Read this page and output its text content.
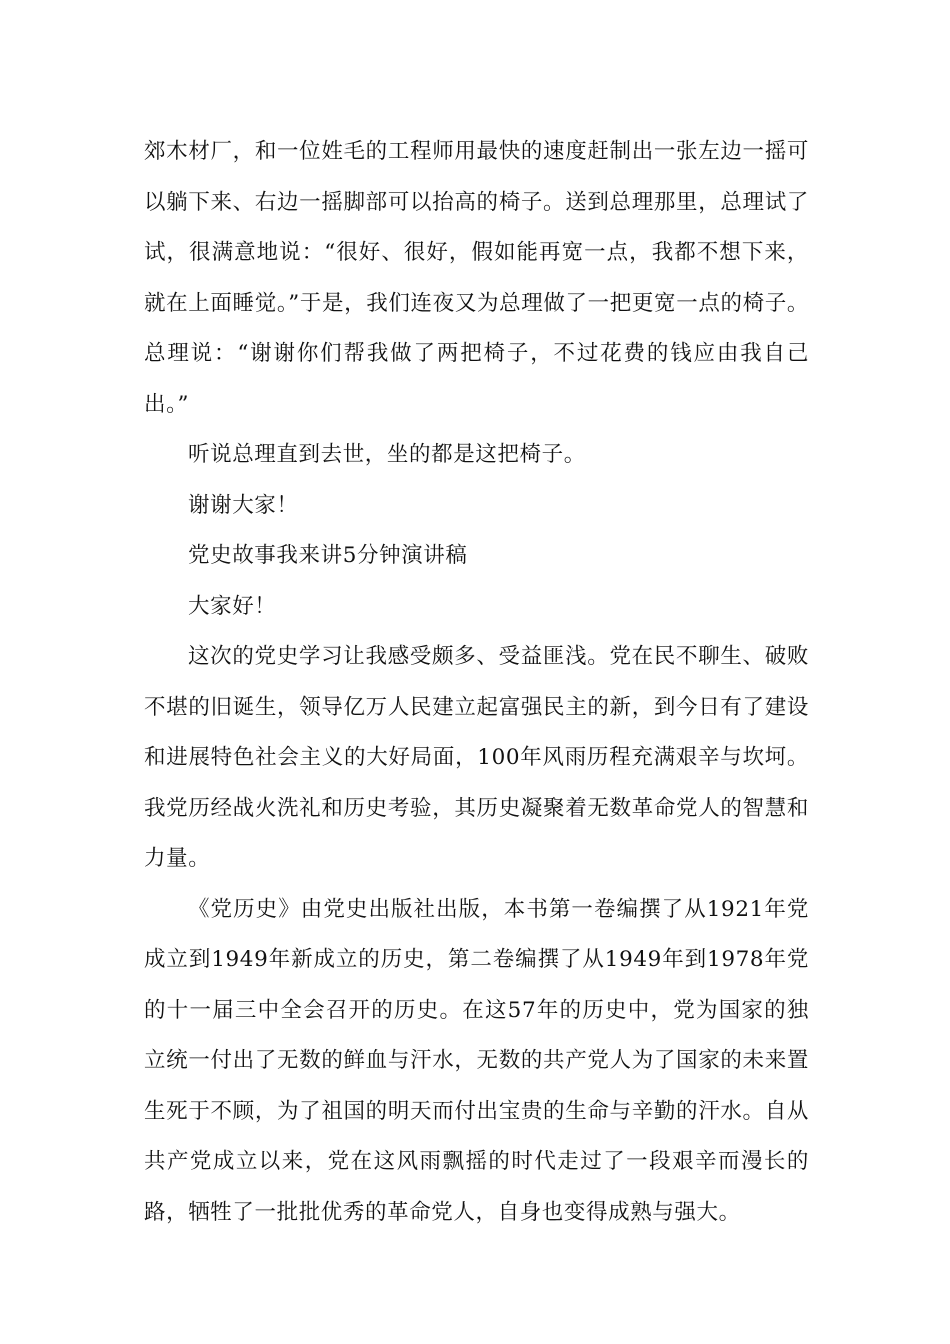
郊木材厂，和一位姓毛的工程师用最快的速度赶制出一张左边一摇可以躺下来、右边一摇脚部可以抬高的椅子。送到总理那里，总理试了试，很满意地说：“很好、很好，假如能再宽一点，我都不想下来，就在上面睡觉。”于是，我们连夜又为总理做了一把更宽一点的椅子。总理说：“谢谢你们帮我做了两把椅子，不过花费的钱应由我自己出。”

听说总理直到去世，坐的都是这把椅子。

谢谢大家！

党史故事我来讲5分钟演讲稿

大家好！

这次的党史学习让我感受颇多、受益匪浅。党在民不聊生、破败不堪的旧诞生，领导亿万人民建立起富强民主的新，到今日有了建设和进展特色社会主义的大好局面，100年风雨历程充满艰辛与坎坷。我党历经战火洗礼和历史考验，其历史凝聚着无数革命党人的智慧和力量。

《党历史》由党史出版社出版，本书第一卷编撰了从1921年党成立到1949年新成立的历史，第二卷编撰了从1949年到1978年党的十一届三中全会召开的历史。在这57年的历史中，党为国家的独立统一付出了无数的鲜血与汗水，无数的共产党人为了国家的未来置生死于不顾，为了祖国的明天而付出宝贵的生命与辛勤的汗水。自从共产党成立以来，党在这风雨飘摇的时代走过了一段艰辛而漫长的路，牺牲了一批批优秀的革命党人，自身也变得成熟与强大。
